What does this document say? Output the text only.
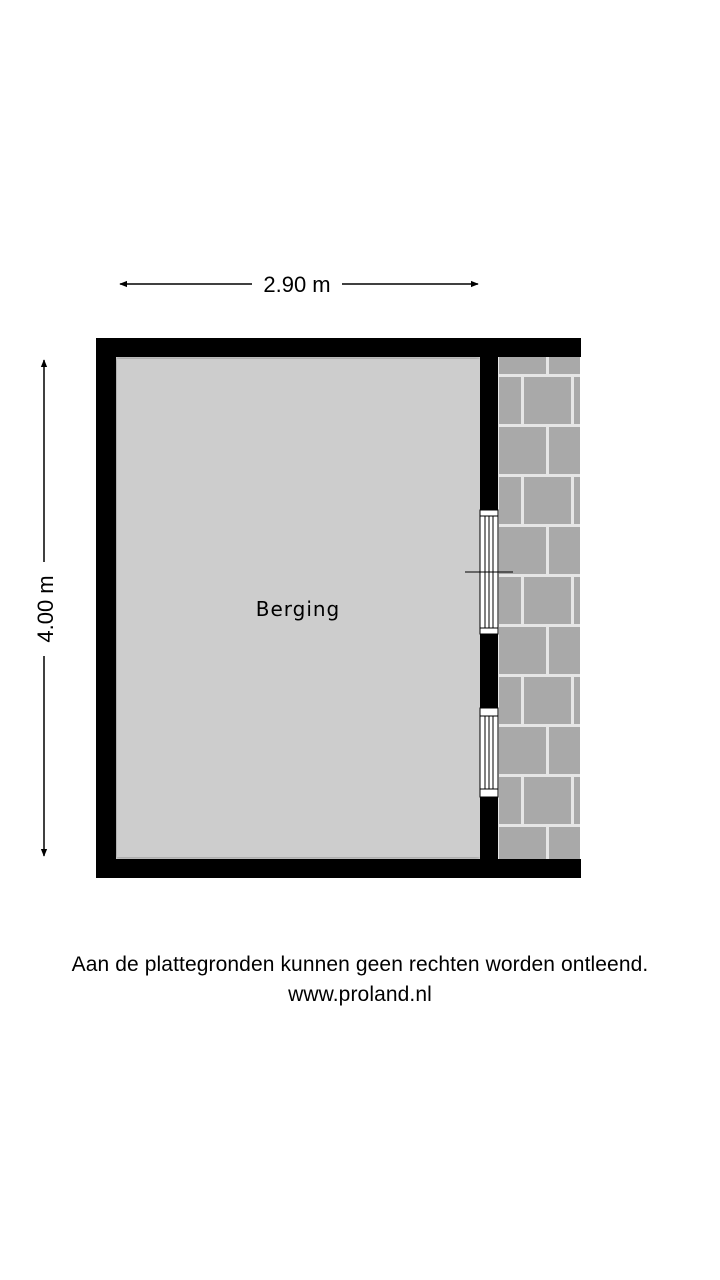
2.90 m
4.00 m	Berging
Aan de plattegronden kunnen geen rechten worden ontleend.
www.proland.nl
